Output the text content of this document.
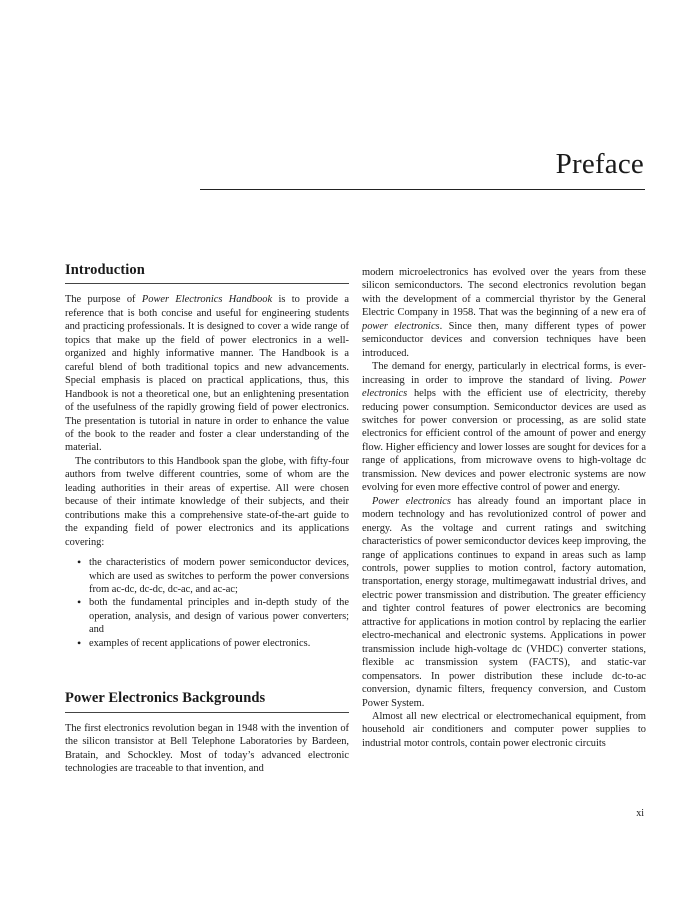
Preface
Introduction

The purpose of Power Electronics Handbook is to provide a reference that is both concise and useful for engineering students and practicing professionals. It is designed to cover a wide range of topics that make up the field of power electronics in a well-organized and highly informative manner. The Handbook is a careful blend of both traditional topics and new advancements. Special emphasis is placed on practical applications, thus, this Handbook is not a theoretical one, but an enlightening presentation of the usefulness of the rapidly growing field of power electronics. The presentation is tutorial in nature in order to enhance the value of the book to the reader and foster a clear understanding of the material.

The contributors to this Handbook span the globe, with fifty-four authors from twelve different countries, some of whom are the leading authorities in their areas of expertise. All were chosen because of their intimate knowledge of their subjects, and their contributions make this a comprehensive state-of-the-art guide to the expanding field of power electronics and its applications covering:

• the characteristics of modern power semiconductor devices, which are used as switches to perform the power conversions from ac-dc, dc-dc, dc-ac, and ac-ac;
• both the fundamental principles and in-depth study of the operation, analysis, and design of various power converters; and
• examples of recent applications of power electronics.
Power Electronics Backgrounds

The first electronics revolution began in 1948 with the invention of the silicon transistor at Bell Telephone Laboratories by Bardeen, Bratain, and Schockley. Most of today’s advanced electronic technologies are traceable to that invention, and

modern microelectronics has evolved over the years from these silicon semiconductors. The second electronics revolution began with the development of a commercial thyristor by the General Electric Company in 1958. That was the beginning of a new era of power electronics. Since then, many different types of power semiconductor devices and conversion techniques have been introduced.

The demand for energy, particularly in electrical forms, is ever-increasing in order to improve the standard of living. Power electronics helps with the efficient use of electricity, thereby reducing power consumption. Semiconductor devices are used as switches for power conversion or processing, as are solid state electronics for efficient control of the amount of power and energy flow. Higher efficiency and lower losses are sought for devices for a range of applications, from microwave ovens to high-voltage dc transmission. New devices and power electronic systems are now evolving for even more effective control of power and energy.

Power electronics has already found an important place in modern technology and has revolutionized control of power and energy. As the voltage and current ratings and switching characteristics of power semiconductor devices keep improving, the range of applications continues to expand in areas such as lamp controls, power supplies to motion control, factory automation, transportation, energy storage, multimegawatt industrial drives, and electric power transmission and distribution. The greater efficiency and tighter control features of power electronics are becoming attractive for applications in motion control by replacing the earlier electro-mechanical and electronic systems. Applications in power transmission include high-voltage dc (VHDC) converter stations, flexible ac transmission system (FACTS), and static-var compensators. In power distribution these include dc-to-ac conversion, dynamic filters, frequency conversion, and Custom Power System.

Almost all new electrical or electromechanical equipment, from household air conditioners and computer power supplies to industrial motor controls, contain power electronic circuits

xi
